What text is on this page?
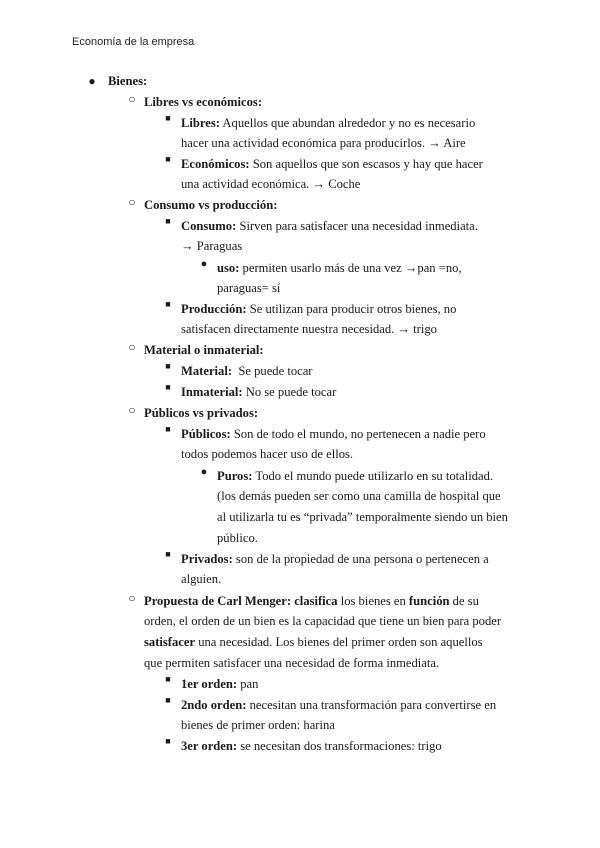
Economía de la empresa
● Bienes:
○ Libres vs económicos:
■ Libres: Aquellos que abundan alrededor y no es necesario
hacer una actividad económica para producirlos. → Aire
■ Económicos: Son aquellos que son escasos y hay que hacer
una actividad económica. → Coche
○ Consumo vs producción:
■ Consumo: Sirven para satisfacer una necesidad inmediata.
→ Paraguas
● uso: permiten usarlo más de una vez →pan =no,
paraguas= sí
■ Producción: Se utilizan para producir otros bienes, no
satisfacen directamente nuestra necesidad. → trigo
○ Material o inmaterial:
■ Material:  Se puede tocar
■ Inmaterial: No se puede tocar
○ Públicos vs privados:
■ Públicos: Son de todo el mundo, no pertenecen a nadie pero
todos podemos hacer uso de ellos.
● Puros: Todo el mundo puede utilizarlo en su totalidad.
(los demás pueden ser como una camilla de hospital que
al utilizarla tu es “privada” temporalmente siendo un bien
público.
■ Privados: son de la propiedad de una persona o pertenecen a
alguien.
○ Propuesta de Carl Menger: clasifica los bienes en función de su
orden, el orden de un bien es la capacidad que tiene un bien para poder
satisfacer una necesidad. Los bienes del primer orden son aquellos
que permiten satisfacer una necesidad de forma inmediata.
■ 1er orden: pan
■ 2ndo orden: necesitan una transformación para convertirse en
bienes de primer orden: harina
■ 3er orden: se necesitan dos transformaciones: trigo
